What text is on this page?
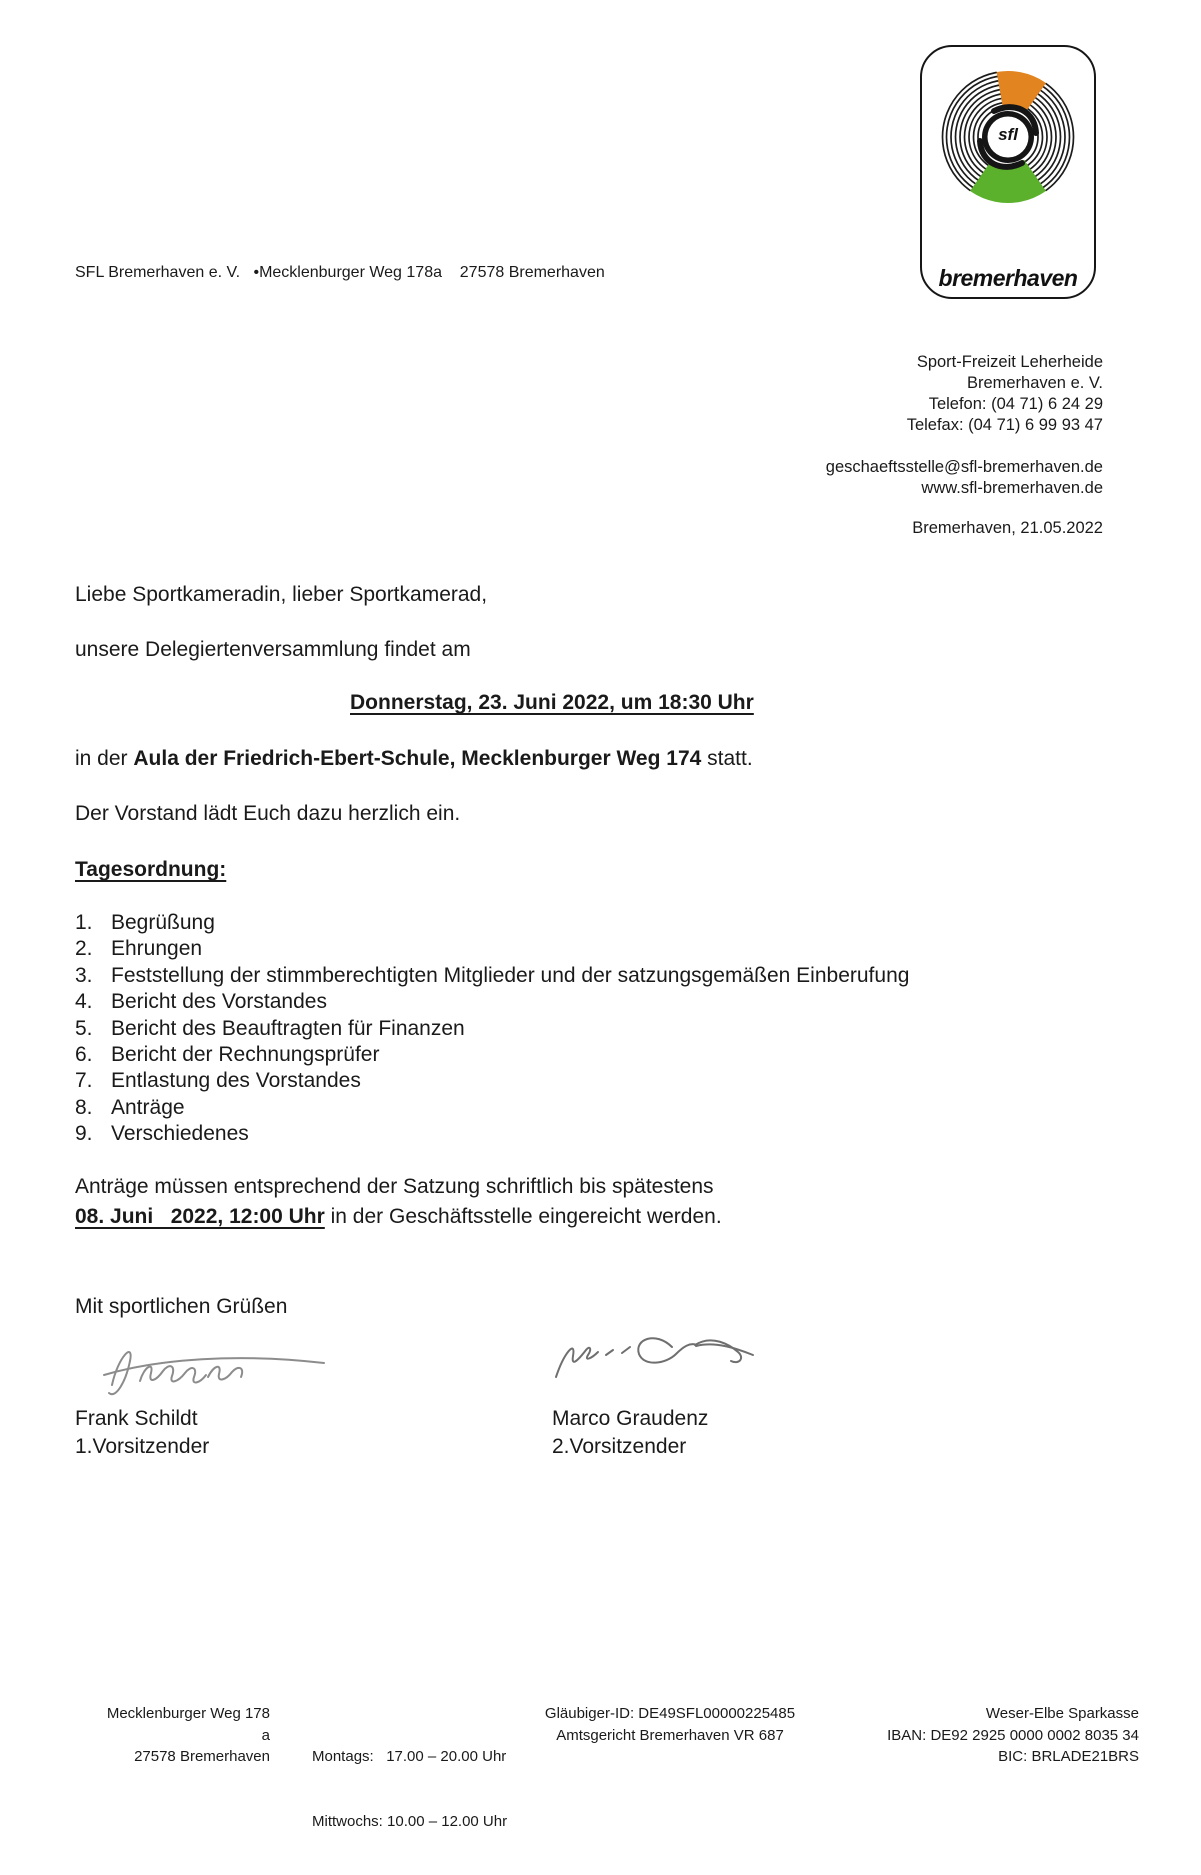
sfl
bremerhaven
SFL Bremerhaven e. V.   •Mecklenburger Weg 178a    27578 Bremerhaven
Sport-Freizeit Leherheide
Bremerhaven e. V.
Telefon: (04 71) 6 24 29
Telefax: (04 71) 6 99 93 47
geschaeftsstelle@sfl-bremerhaven.de
www.sfl-bremerhaven.de
Bremerhaven, 21.05.2022
Liebe Sportkameradin, lieber Sportkamerad,
unsere Delegiertenversammlung findet am
Donnerstag, 23. Juni 2022, um 18:30 Uhr
in der Aula der Friedrich-Ebert-Schule, Mecklenburger Weg 174 statt.
Der Vorstand lädt Euch dazu herzlich ein.
Tagesordnung:
1. Begrüßung
2. Ehrungen
3. Feststellung der stimmberechtigten Mitglieder und der satzungsgemäßen Einberufung
4. Bericht des Vorstandes
5. Bericht des Beauftragten für Finanzen
6. Bericht der Rechnungsprüfer
7. Entlastung des Vorstandes
8. Anträge
9. Verschiedenes
Anträge müssen entsprechend der Satzung schriftlich bis spätestens
08. Juni   2022, 12:00 Uhr in der Geschäftsstelle eingereicht werden.
Mit sportlichen Grüßen
Frank Schildt
1.Vorsitzender
Marco Graudenz
2.Vorsitzender
Mecklenburger Weg 178 a
27578 Bremerhaven

	Montags:   17.00 – 20.00 Uhr

Mittwochs: 10.00 – 12.00 Uhr

Gläubiger-ID: DE49SFL00000225485
Amtsgericht Bremerhaven VR 687
Weser-Elbe Sparkasse
IBAN: DE92 2925 0000 0002 8035 34
BIC: BRLADE21BRS
